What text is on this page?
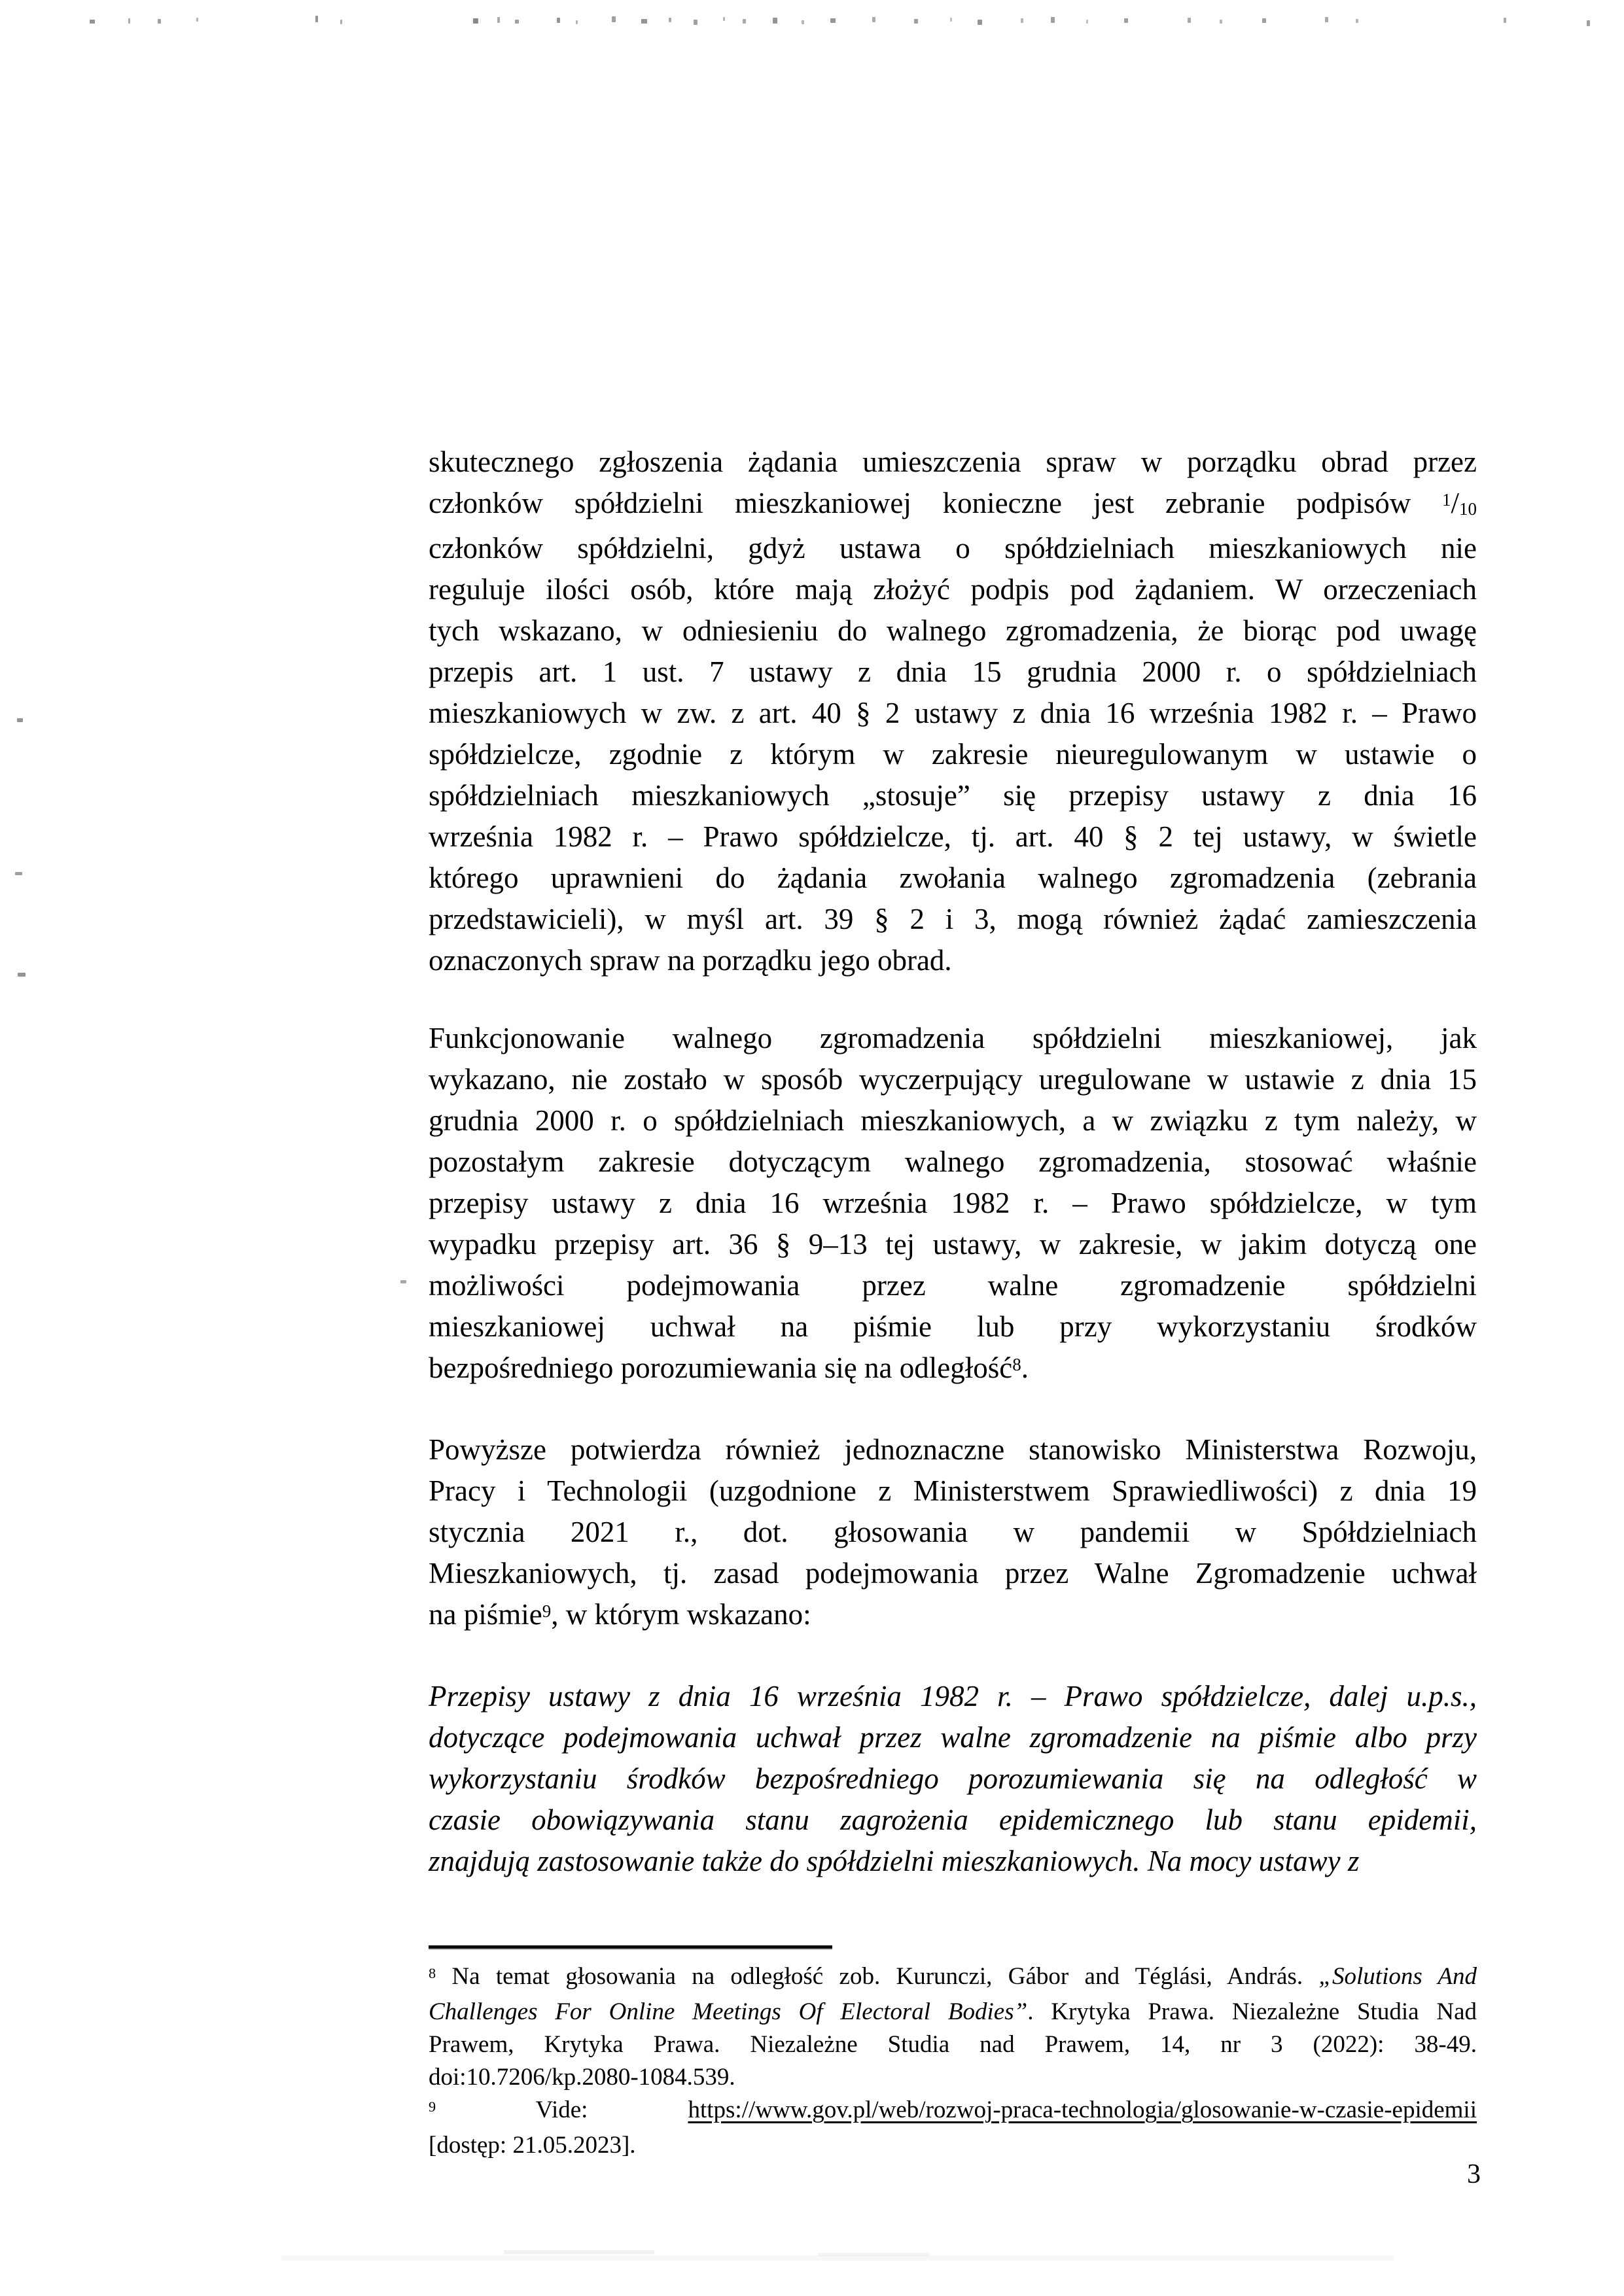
skutecznego zgłoszenia żądania umieszczenia spraw w porządku obrad przez
członków spółdzielni mieszkaniowej konieczne jest zebranie podpisów $^1$/10
członków spółdzielni, gdyż ustawa o spółdzielniach mieszkaniowych nie
reguluje ilości osób, które mają złożyć podpis pod żądaniem. W orzeczeniach
tych wskazano, w odniesieniu do walnego zgromadzenia, że biorąc pod uwagę
przepis art. 1 ust. 7 ustawy z dnia 15 grudnia 2000 r. o spółdzielniach
mieszkaniowych w zw. z art. 40 § 2 ustawy z dnia 16 września 1982 r. – Prawo
spółdzielcze, zgodnie z którym w zakresie nieuregulowanym w ustawie o
spółdzielniach mieszkaniowych „stosuje” się przepisy ustawy z dnia 16
września 1982 r. – Prawo spółdzielcze, tj. art. 40 § 2 tej ustawy, w świetle
którego uprawnieni do żądania zwołania walnego zgromadzenia (zebrania
przedstawicieli), w myśl art. 39 § 2 i 3, mogą również żądać zamieszczenia
oznaczonych spraw na porządku jego obrad.
Funkcjonowanie walnego zgromadzenia spółdzielni mieszkaniowej, jak
wykazano, nie zostało w sposób wyczerpujący uregulowane w ustawie z dnia 15
grudnia 2000 r. o spółdzielniach mieszkaniowych, a w związku z tym należy, w
pozostałym zakresie dotyczącym walnego zgromadzenia, stosować właśnie
przepisy ustawy z dnia 16 września 1982 r. – Prawo spółdzielcze, w tym
wypadku przepisy art. 36 § 9–13 tej ustawy, w zakresie, w jakim dotyczą one
możliwości podejmowania przez walne zgromadzenie spółdzielni
mieszkaniowej uchwał na piśmie lub przy wykorzystaniu środków
bezpośredniego porozumiewania się na odległość$^8$.
Powyższe potwierdza również jednoznaczne stanowisko Ministerstwa Rozwoju,
Pracy i Technologii (uzgodnione z Ministerstwem Sprawiedliwości) z dnia 19
stycznia 2021 r., dot. głosowania w pandemii w Spółdzielniach
Mieszkaniowych, tj. zasad podejmowania przez Walne Zgromadzenie uchwał
na piśmie$^9$, w którym wskazano:
Przepisy ustawy z dnia 16 września 1982 r. – Prawo spółdzielcze, dalej u.p.s.,
dotyczące podejmowania uchwał przez walne zgromadzenie na piśmie albo przy
wykorzystaniu środków bezpośredniego porozumiewania się na odległość w
czasie obowiązywania stanu zagrożenia epidemicznego lub stanu epidemii,
znajdują zastosowanie także do spółdzielni mieszkaniowych. Na mocy ustawy z
$^8$ Na temat głosowania na odległość zob. Kurunczi, Gábor and Téglási, András. „Solutions And
Challenges For Online Meetings Of Electoral Bodies”. Krytyka Prawa. Niezależne Studia Nad
Prawem, Krytyka Prawa. Niezależne Studia nad Prawem, 14, nr 3 (2022): 38-49.
doi:10.7206/kp.2080-1084.539.
$^9$ Vide: https://www.gov.pl/web/rozwoj-praca-technologia/glosowanie-w-czasie-epidemii
[dostęp: 21.05.2023].
3
